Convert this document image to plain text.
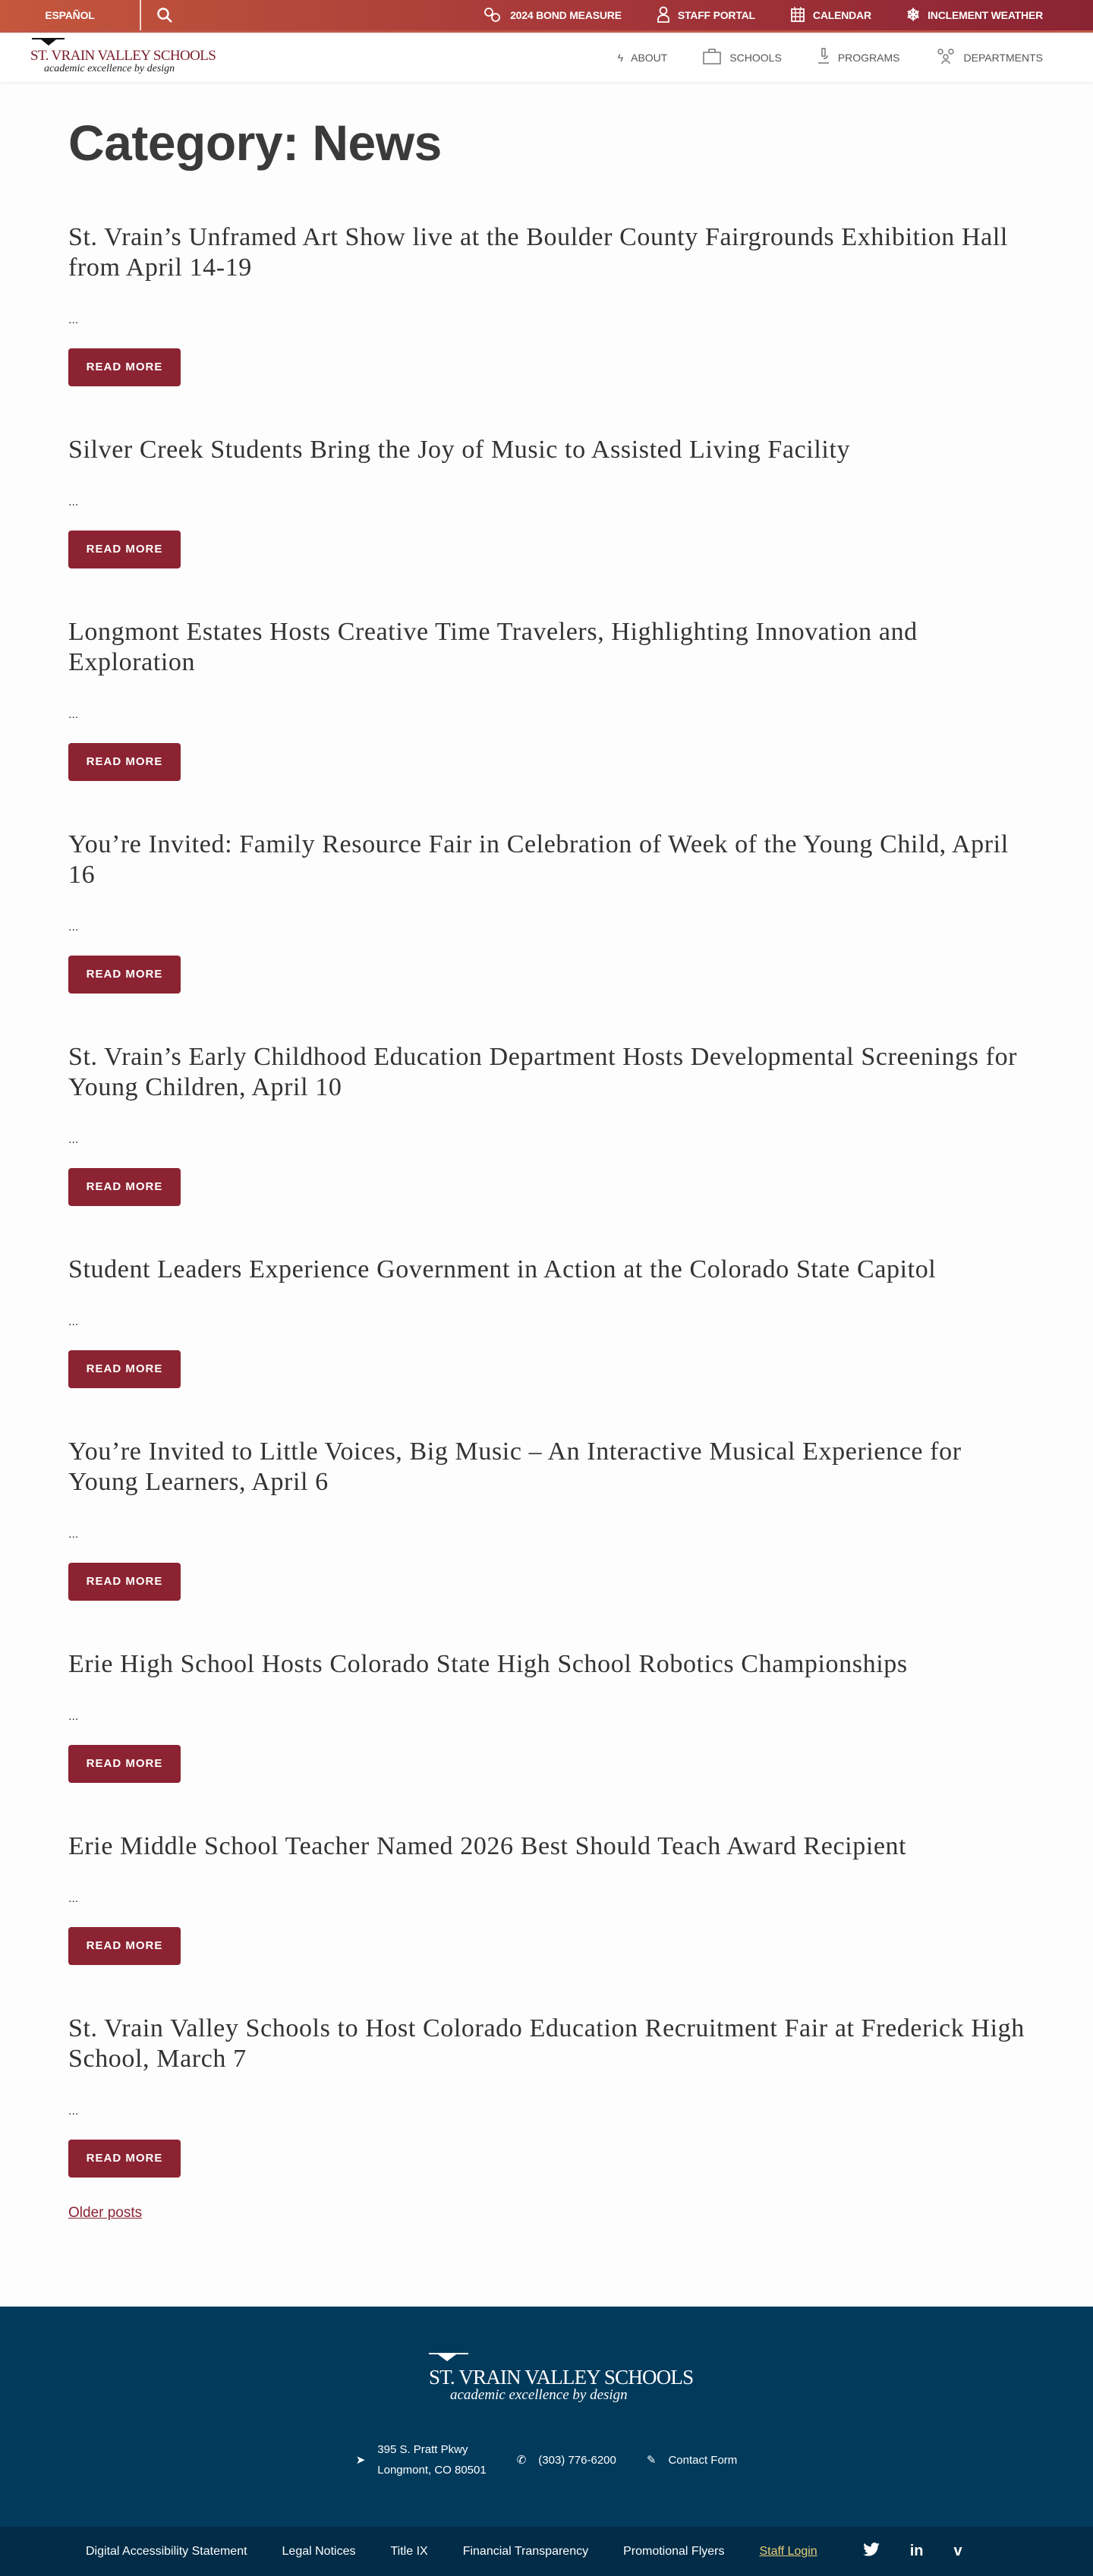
ESPAÑOL	2024 BOND MEASURE	STAFF PORTAL	CALENDAR ❄ INCLEMENT WEATHER
ST. VRAIN VALLEY SCHOOLS
academic excellence by design
ϟ ABOUT	SCHOOLS	PROGRAMS	DEPARTMENTS
Category: News
St. Vrain’s Unframed Art Show live at the Boulder County Fairgrounds Exhibition Hall from April 14-19

...

READ MORE
Silver Creek Students Bring the Joy of Music to Assisted Living Facility

...

READ MORE
Longmont Estates Hosts Creative Time Travelers, Highlighting Innovation and Exploration

...

READ MORE
You’re Invited: Family Resource Fair in Celebration of Week of the Young Child, April 16

...

READ MORE
St. Vrain’s Early Childhood Education Department Hosts Developmental Screenings for Young Children, April 10

...

READ MORE
Student Leaders Experience Government in Action at the Colorado State Capitol

...

READ MORE
You’re Invited to Little Voices, Big Music – An Interactive Musical Experience for Young Learners, April 6

...

READ MORE
Erie High School Hosts Colorado State High School Robotics Championships

...

READ MORE
Erie Middle School Teacher Named 2026 Best Should Teach Award Recipient

...

READ MORE
St. Vrain Valley Schools to Host Colorado Education Recruitment Fair at Frederick High School, March 7

...

READ MORE
Older posts
ST. VRAIN VALLEY SCHOOLS
academic excellence by design
➤
395 S. Pratt Pkwy
Longmont, CO 80501
✆ (303) 776-6200	✎ Contact Form
Digital Accessibility Statement	Legal Notices	Title IX	Financial Transparency	Promotional Flyers	Staff Login	in v
